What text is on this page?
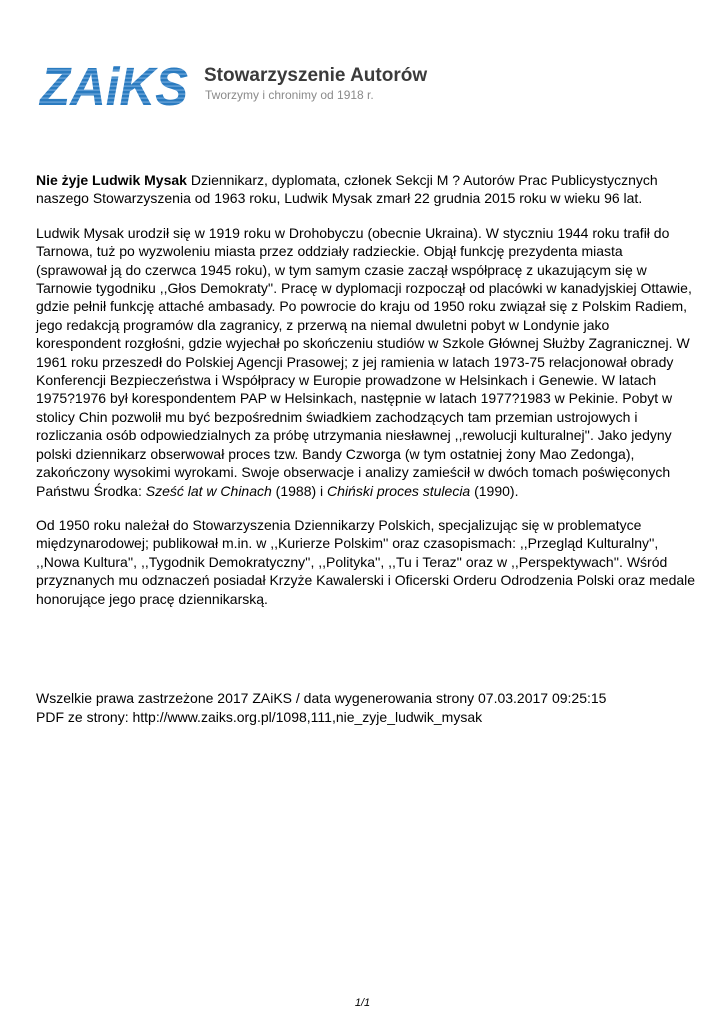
ZAiKS Stowarzyszenie Autorów
Tworzymy i chronimy od 1918 r.

Nie żyje Ludwik Mysak Dziennikarz, dyplomata, członek Sekcji M ? Autorów Prac Publicystycznych naszego Stowarzyszenia od 1963 roku, Ludwik Mysak zmarł 22 grudnia 2015 roku w wieku 96 lat.

Ludwik Mysak urodził się w 1919 roku w Drohobyczu (obecnie Ukraina). W styczniu 1944 roku trafił do Tarnowa, tuż po wyzwoleniu miasta przez oddziały radzieckie. Objął funkcję prezydenta miasta (sprawował ją do czerwca 1945 roku), w tym samym czasie zaczął współpracę z ukazującym się w Tarnowie tygodniku ,,Głos Demokraty''. Pracę w dyplomacji rozpoczął od placówki w kanadyjskiej Ottawie, gdzie pełnił funkcję attaché ambasady. Po powrocie do kraju od 1950 roku związał się z Polskim Radiem, jego redakcją programów dla zagranicy, z przerwą na niemal dwuletni pobyt w Londynie jako korespondent rozgłośni, gdzie wyjechał po skończeniu studiów w Szkole Głównej Służby Zagranicznej. W 1961 roku przeszedł do Polskiej Agencji Prasowej; z jej ramienia w latach 1973-75 relacjonował obrady Konferencji Bezpieczeństwa i Współpracy w Europie prowadzone w Helsinkach i Genewie. W latach 1975?1976 był korespondentem PAP w Helsinkach, następnie w latach 1977?1983 w Pekinie. Pobyt w stolicy Chin pozwolił mu być bezpośrednim świadkiem zachodzących tam przemian ustrojowych i rozliczania osób odpowiedzialnych za próbę utrzymania niesławnej ,,rewolucji kulturalnej''. Jako jedyny polski dziennikarz obserwował proces tzw. Bandy Czworga (w tym ostatniej żony Mao Zedonga), zakończony wysokimi wyrokami. Swoje obserwacje i analizy zamieścił w dwóch tomach poświęconych Państwu Środka: Sześć lat w Chinach (1988) i Chiński proces stulecia (1990).

Od 1950 roku należał do Stowarzyszenia Dziennikarzy Polskich, specjalizując się w problematyce międzynarodowej; publikował m.in. w ,,Kurierze Polskim'' oraz czasopismach: ,,Przegląd Kulturalny'', ,,Nowa Kultura'', ,,Tygodnik Demokratyczny'', ,,Polityka'', ,,Tu i Teraz'' oraz w ,,Perspektywach''. Wśród przyznanych mu odznaczeń posiadał Krzyże Kawalerski i Oficerski Orderu Odrodzenia Polski oraz medale honorujące jego pracę dziennikarską.

Wszelkie prawa zastrzeżone 2017 ZAiKS / data wygenerowania strony 07.03.2017 09:25:15
PDF ze strony: http://www.zaiks.org.pl/1098,111,nie_zyje_ludwik_mysak
1/1
